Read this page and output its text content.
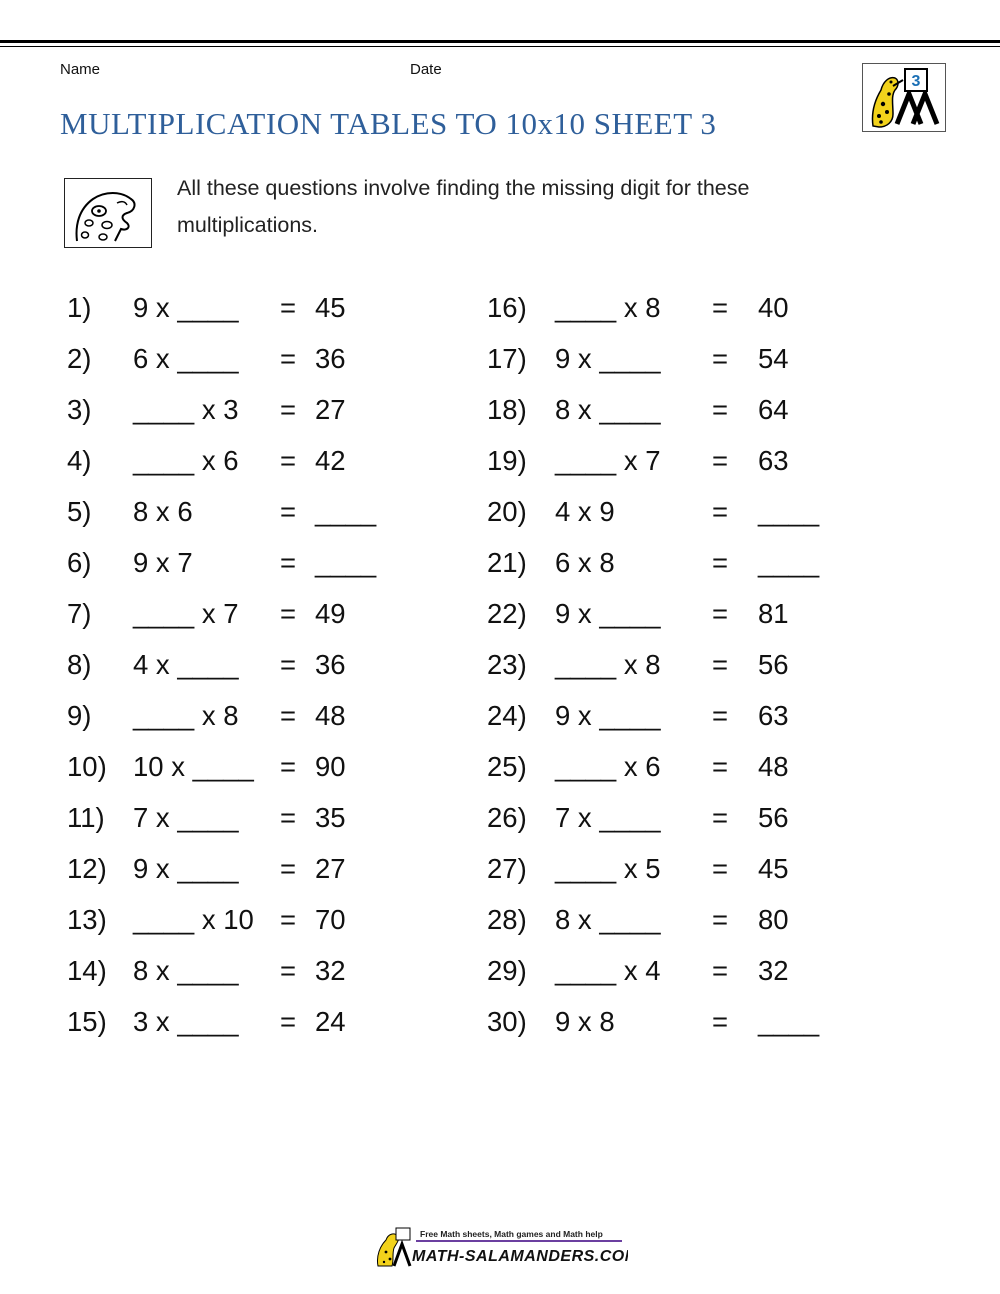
Name	Date
MULTIPLICATION TABLES TO 10x10 SHEET 3
3
All these questions involve finding the missing digit for these multiplications.
1) 9 x ____ = 45
2) 6 x ____ = 36
3) ____ x 3 = 27
4) ____ x 6 = 42
5) 8 x 6	= ____
6) 9 x 7	= ____
7) ____ x 7 = 49
8) 4 x ____ = 36
9) ____ x 8 = 48
10) 10 x ____ = 90
11) 7 x ____ = 35
12) 9 x ____ = 27
13) ____ x 10 = 70
14) 8 x ____ = 32
15) 3 x ____ = 24
16) ____ x 8 = 40
17) 9 x ____ = 54
18) 8 x ____ = 64
19) ____ x 7 = 63
20) 4 x 9	= ____
21) 6 x 8	= ____
22) 9 x ____ = 81
23) ____ x 8 = 56
24) 9 x ____ = 63
25) ____ x 6 = 48
26) 7 x ____ = 56
27) ____ x 5 = 45
28) 8 x ____ = 80
29) ____ x 4 = 32
30) 9 x 8	= ____
Free Math sheets, Math games and Math help
MATH-SALAMANDERS.COM
